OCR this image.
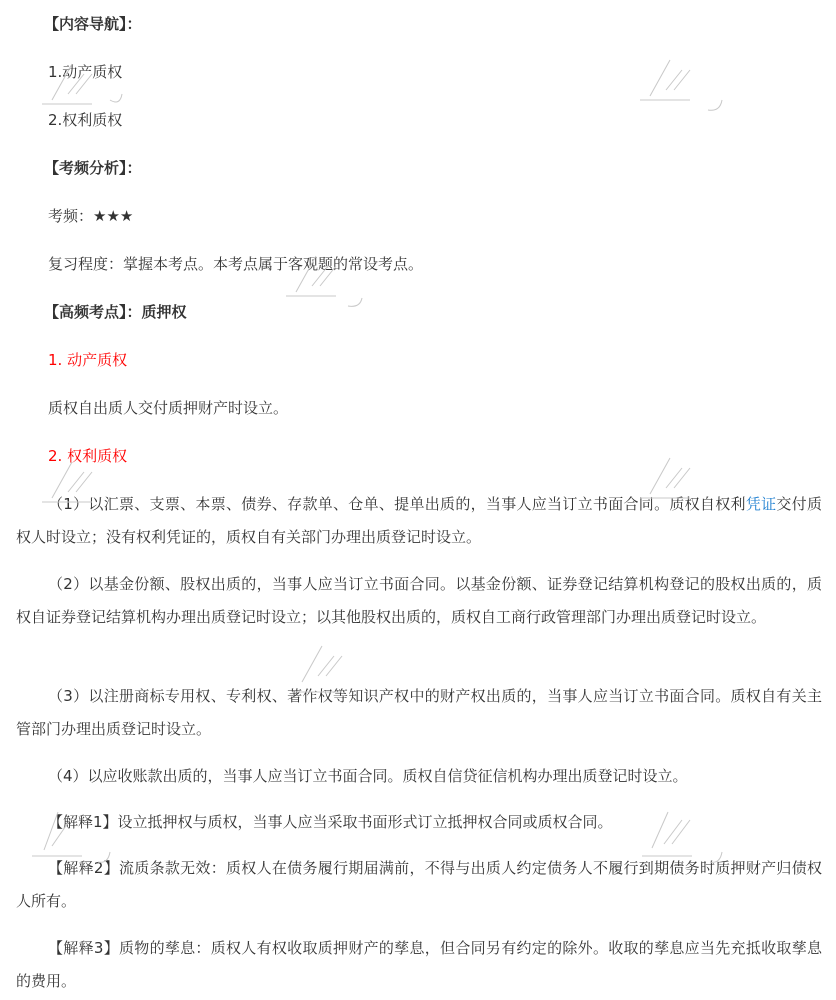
【内容导航】：
1.动产质权
2.权利质权
【考频分析】：
考频：★★★
复习程度：掌握本考点。本考点属于客观题的常设考点。
【高频考点】：质押权
1. 动产质权
质权自出质人交付质押财产时设立。
2. 权利质权
（1）以汇票、支票、本票、债券、存款单、仓单、提单出质的，当事人应当订立书面合同。质权自权利凭证交付质权人时设立；没有权利凭证的，质权自有关部门办理出质登记时设立。
（2）以基金份额、股权出质的，当事人应当订立书面合同。以基金份额、证券登记结算机构登记的股权出质的，质权自证券登记结算机构办理出质登记时设立；以其他股权出质的，质权自工商行政管理部门办理出质登记时设立。
（3）以注册商标专用权、专利权、著作权等知识产权中的财产权出质的，当事人应当订立书面合同。质权自有关主管部门办理出质登记时设立。
（4）以应收账款出质的，当事人应当订立书面合同。质权自信贷征信机构办理出质登记时设立。
【解释1】设立抵押权与质权，当事人应当采取书面形式订立抵押权合同或质权合同。
【解释2】流质条款无效：质权人在债务履行期届满前，不得与出质人约定债务人不履行到期债务时质押财产归债权人所有。
【解释3】质物的孳息：质权人有权收取质押财产的孳息，但合同另有约定的除外。收取的孳息应当先充抵收取孳息的费用。
